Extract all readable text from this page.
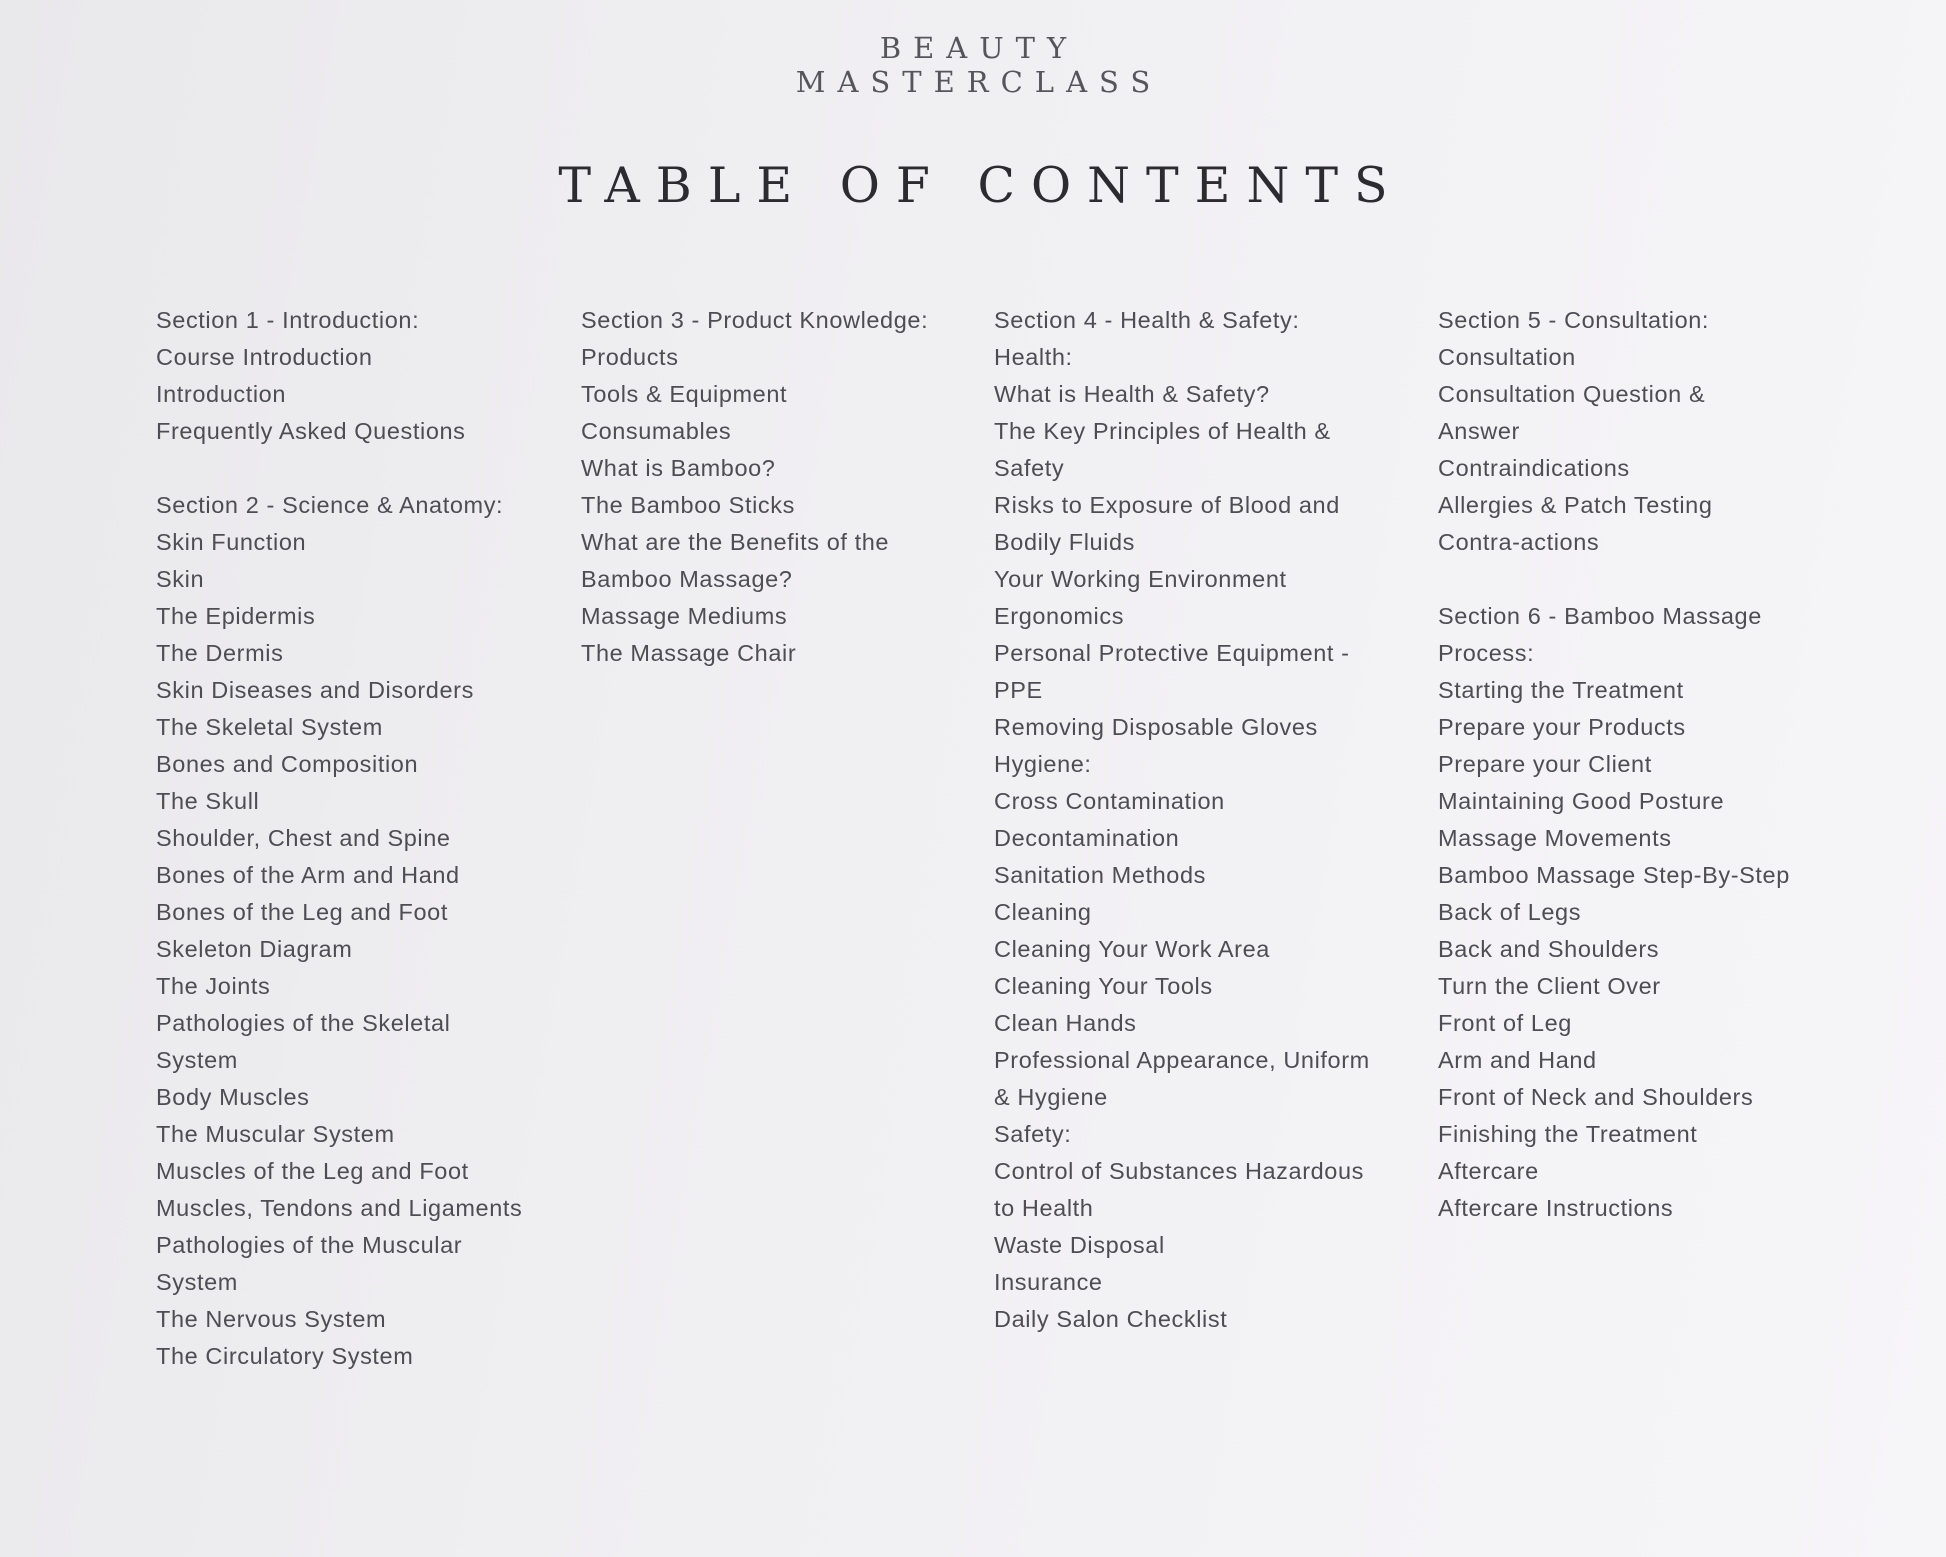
BEAUTY
MASTERCLASS
TABLE OF CONTENTS
Section 1 - Introduction:
Course Introduction
Introduction
Frequently Asked Questions
Section 2 - Science & Anatomy:
Skin Function
Skin
The Epidermis
The Dermis
Skin Diseases and Disorders
The Skeletal System
Bones and Composition
The Skull
Shoulder, Chest and Spine
Bones of the Arm and Hand
Bones of the Leg and Foot
Skeleton Diagram
The Joints
Pathologies of the Skeletal
System
Body Muscles
The Muscular System
Muscles of the Leg and Foot
Muscles, Tendons and Ligaments
Pathologies of the Muscular
System
The Nervous System
The Circulatory System
Section 3 - Product Knowledge:
Products
Tools & Equipment
Consumables
What is Bamboo?
The Bamboo Sticks
What are the Benefits of the
Bamboo Massage?
Massage Mediums
The Massage Chair
Section 4 - Health & Safety:
Health:
What is Health & Safety?
The Key Principles of Health &
Safety
Risks to Exposure of Blood and
Bodily Fluids
Your Working Environment
Ergonomics
Personal Protective Equipment -
PPE
Removing Disposable Gloves
Hygiene:
Cross Contamination
Decontamination
Sanitation Methods
Cleaning
Cleaning Your Work Area
Cleaning Your Tools
Clean Hands
Professional Appearance, Uniform
& Hygiene
Safety:
Control of Substances Hazardous
to Health
Waste Disposal
Insurance
Daily Salon Checklist
Section 5 - Consultation:
Consultation
Consultation Question &
Answer
Contraindications
Allergies & Patch Testing
Contra-actions
Section 6 - Bamboo Massage
Process:
Starting the Treatment
Prepare your Products
Prepare your Client
Maintaining Good Posture
Massage Movements
Bamboo Massage Step-By-Step
Back of Legs
Back and Shoulders
Turn the Client Over
Front of Leg
Arm and Hand
Front of Neck and Shoulders
Finishing the Treatment
Aftercare
Aftercare Instructions
